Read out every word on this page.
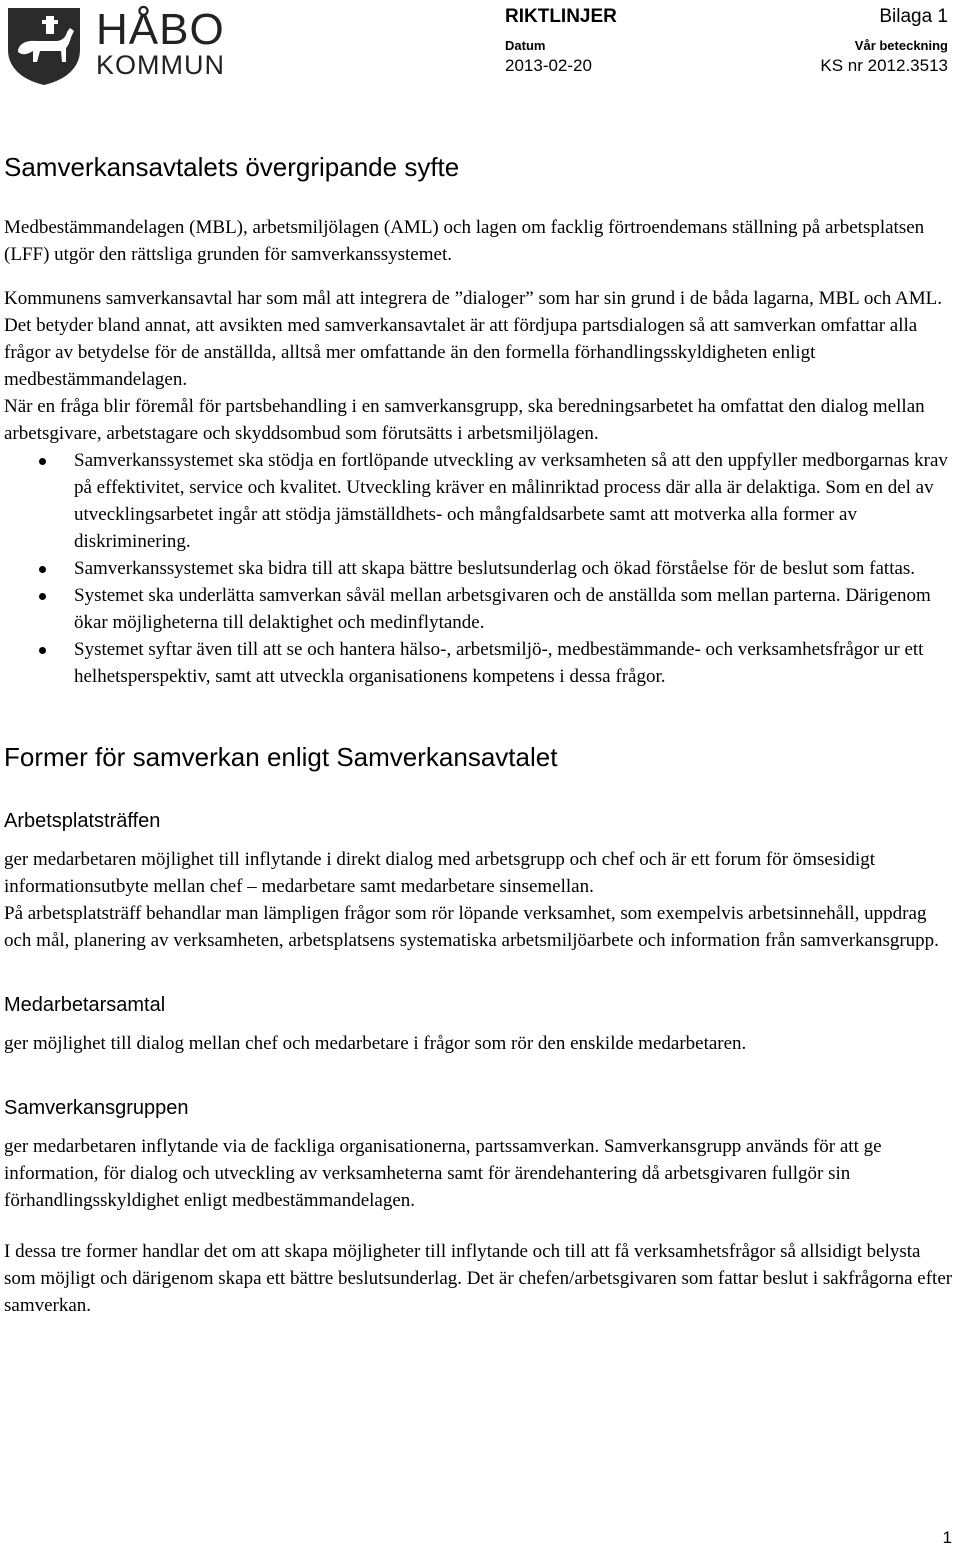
HÅBO
KOMMUN
RIKTLINJER	Bilaga 1
Datum
2013-02-20
Vår beteckning
KS nr 2012.3513
Samverkansavtalets övergripande syfte

Medbestämmandelagen (MBL), arbetsmiljölagen (AML) och lagen om facklig förtroendemans ställning på arbetsplatsen (LFF) utgör den rättsliga grunden för samverkanssystemet.

Kommunens samverkansavtal har som mål att integrera de ”dialoger” som har sin grund i de båda lagarna, MBL och AML. Det betyder bland annat, att avsikten med samverkansavtalet är att fördjupa partsdialogen så att samverkan omfattar alla frågor av betydelse för de anställda, alltså mer omfattande än den formella förhandlingsskyldigheten enligt medbestämmandelagen.

När en fråga blir föremål för partsbehandling i en samverkansgrupp, ska beredningsarbetet ha omfattat den dialog mellan arbetsgivare, arbetstagare och skyddsombud som förutsätts i arbetsmiljölagen.

Samverkanssystemet ska stödja en fortlöpande utveckling av verksamheten så att den uppfyller medborgarnas krav på effektivitet, service och kvalitet. Utveckling kräver en målinriktad process där alla är delaktiga. Som en del av utvecklingsarbetet ingår att stödja jämställdhets- och mångfaldsarbete samt att motverka alla former av diskriminering.
Samverkanssystemet ska bidra till att skapa bättre beslutsunderlag och ökad förståelse för de beslut som fattas.
Systemet ska underlätta samverkan såväl mellan arbetsgivaren och de anställda som mellan parterna. Därigenom ökar möjligheterna till delaktighet och medinflytande.
Systemet syftar även till att se och hantera hälso-, arbetsmiljö-, medbestämmande- och verksamhetsfrågor ur ett helhetsperspektiv, samt att utveckla organisationens kompetens i dessa frågor.
Former för samverkan enligt Samverkansavtalet
Arbetsplatsträffen

ger medarbetaren möjlighet till inflytande i direkt dialog med arbetsgrupp och chef och är ett forum för ömsesidigt informationsutbyte mellan chef – medarbetare samt medarbetare sinsemellan.

På arbetsplatsträff behandlar man lämpligen frågor som rör löpande verksamhet, som exempelvis arbetsinnehåll, uppdrag och mål, planering av verksamheten, arbetsplatsens systematiska arbetsmiljöarbete och information från samverkansgrupp.

Medarbetarsamtal

ger möjlighet till dialog mellan chef och medarbetare i frågor som rör den enskilde medarbetaren.

Samverkansgruppen

ger medarbetaren inflytande via de fackliga organisationerna, partssamverkan. Samverkansgrupp används för att ge information, för dialog och utveckling av verksamheterna samt för ärendehantering då arbetsgivaren fullgör sin förhandlingsskyldighet enligt medbestämmandelagen.

I dessa tre former handlar det om att skapa möjligheter till inflytande och till att få verksamhetsfrågor så allsidigt belysta som möjligt och därigenom skapa ett bättre beslutsunderlag. Det är chefen/arbetsgivaren som fattar beslut i sakfrågorna efter samverkan.

1
